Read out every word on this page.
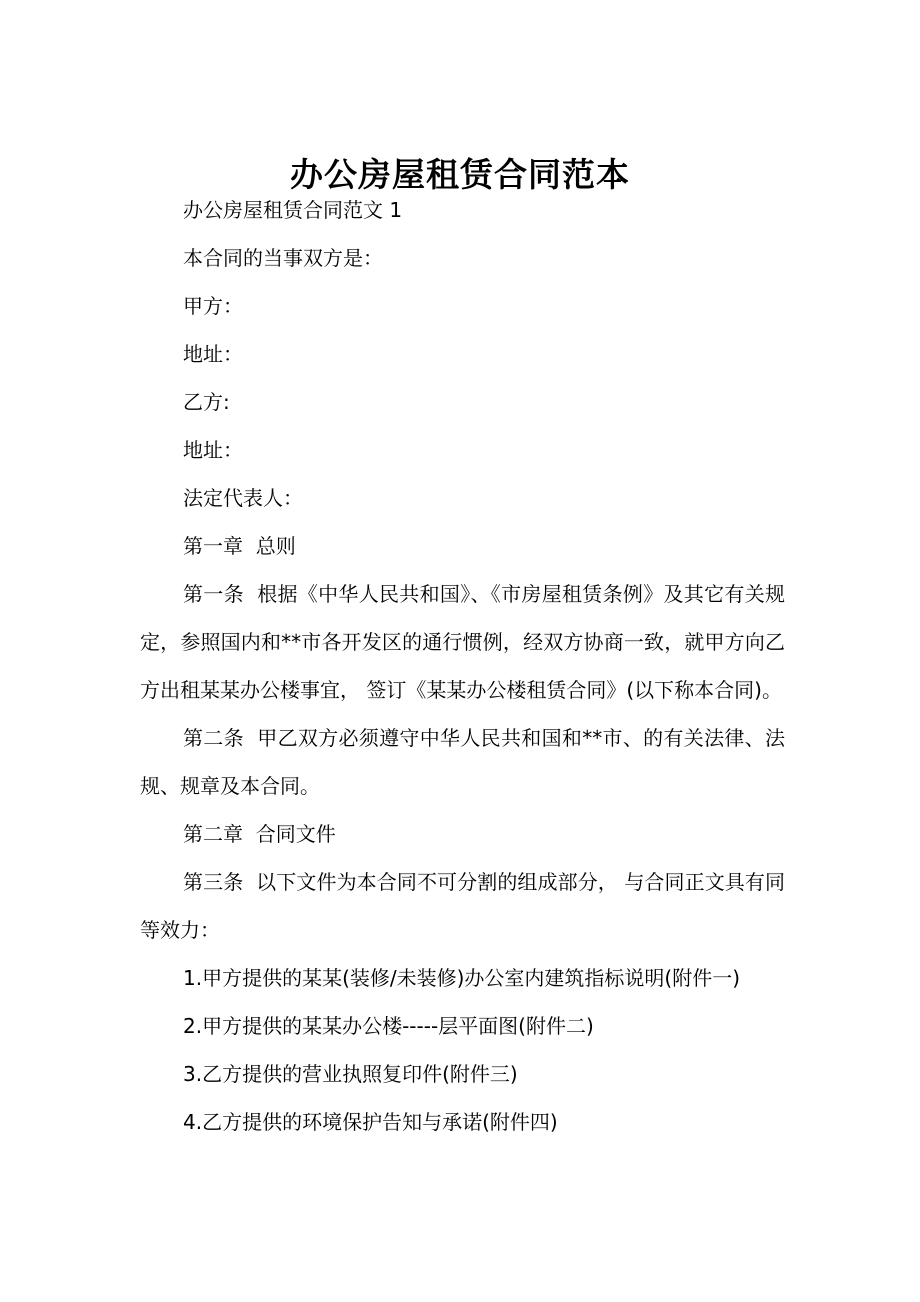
办公房屋租赁合同范本

办公房屋租赁合同范文 1

本合同的当事双方是：

甲方：

地址：

乙方:

地址：

法定代表人：

第一章  总则

第一条  根据《中华人民共和国》、《市房屋租赁条例》及其它有关规定，参照国内和**市各开发区的通行惯例，经双方协商一致，就甲方向乙方出租某某办公楼事宜， 签订《某某办公楼租赁合同》(以下称本合同)。

第二条  甲乙双方必须遵守中华人民共和国和**市、的有关法律、法规、规章及本合同。

第二章  合同文件

第三条  以下文件为本合同不可分割的组成部分， 与合同正文具有同等效力：

1.甲方提供的某某(装修/未装修)办公室内建筑指标说明(附件一)

2.甲方提供的某某办公楼-----层平面图(附件二)

3.乙方提供的营业执照复印件(附件三)

4.乙方提供的环境保护告知与承诺(附件四)
